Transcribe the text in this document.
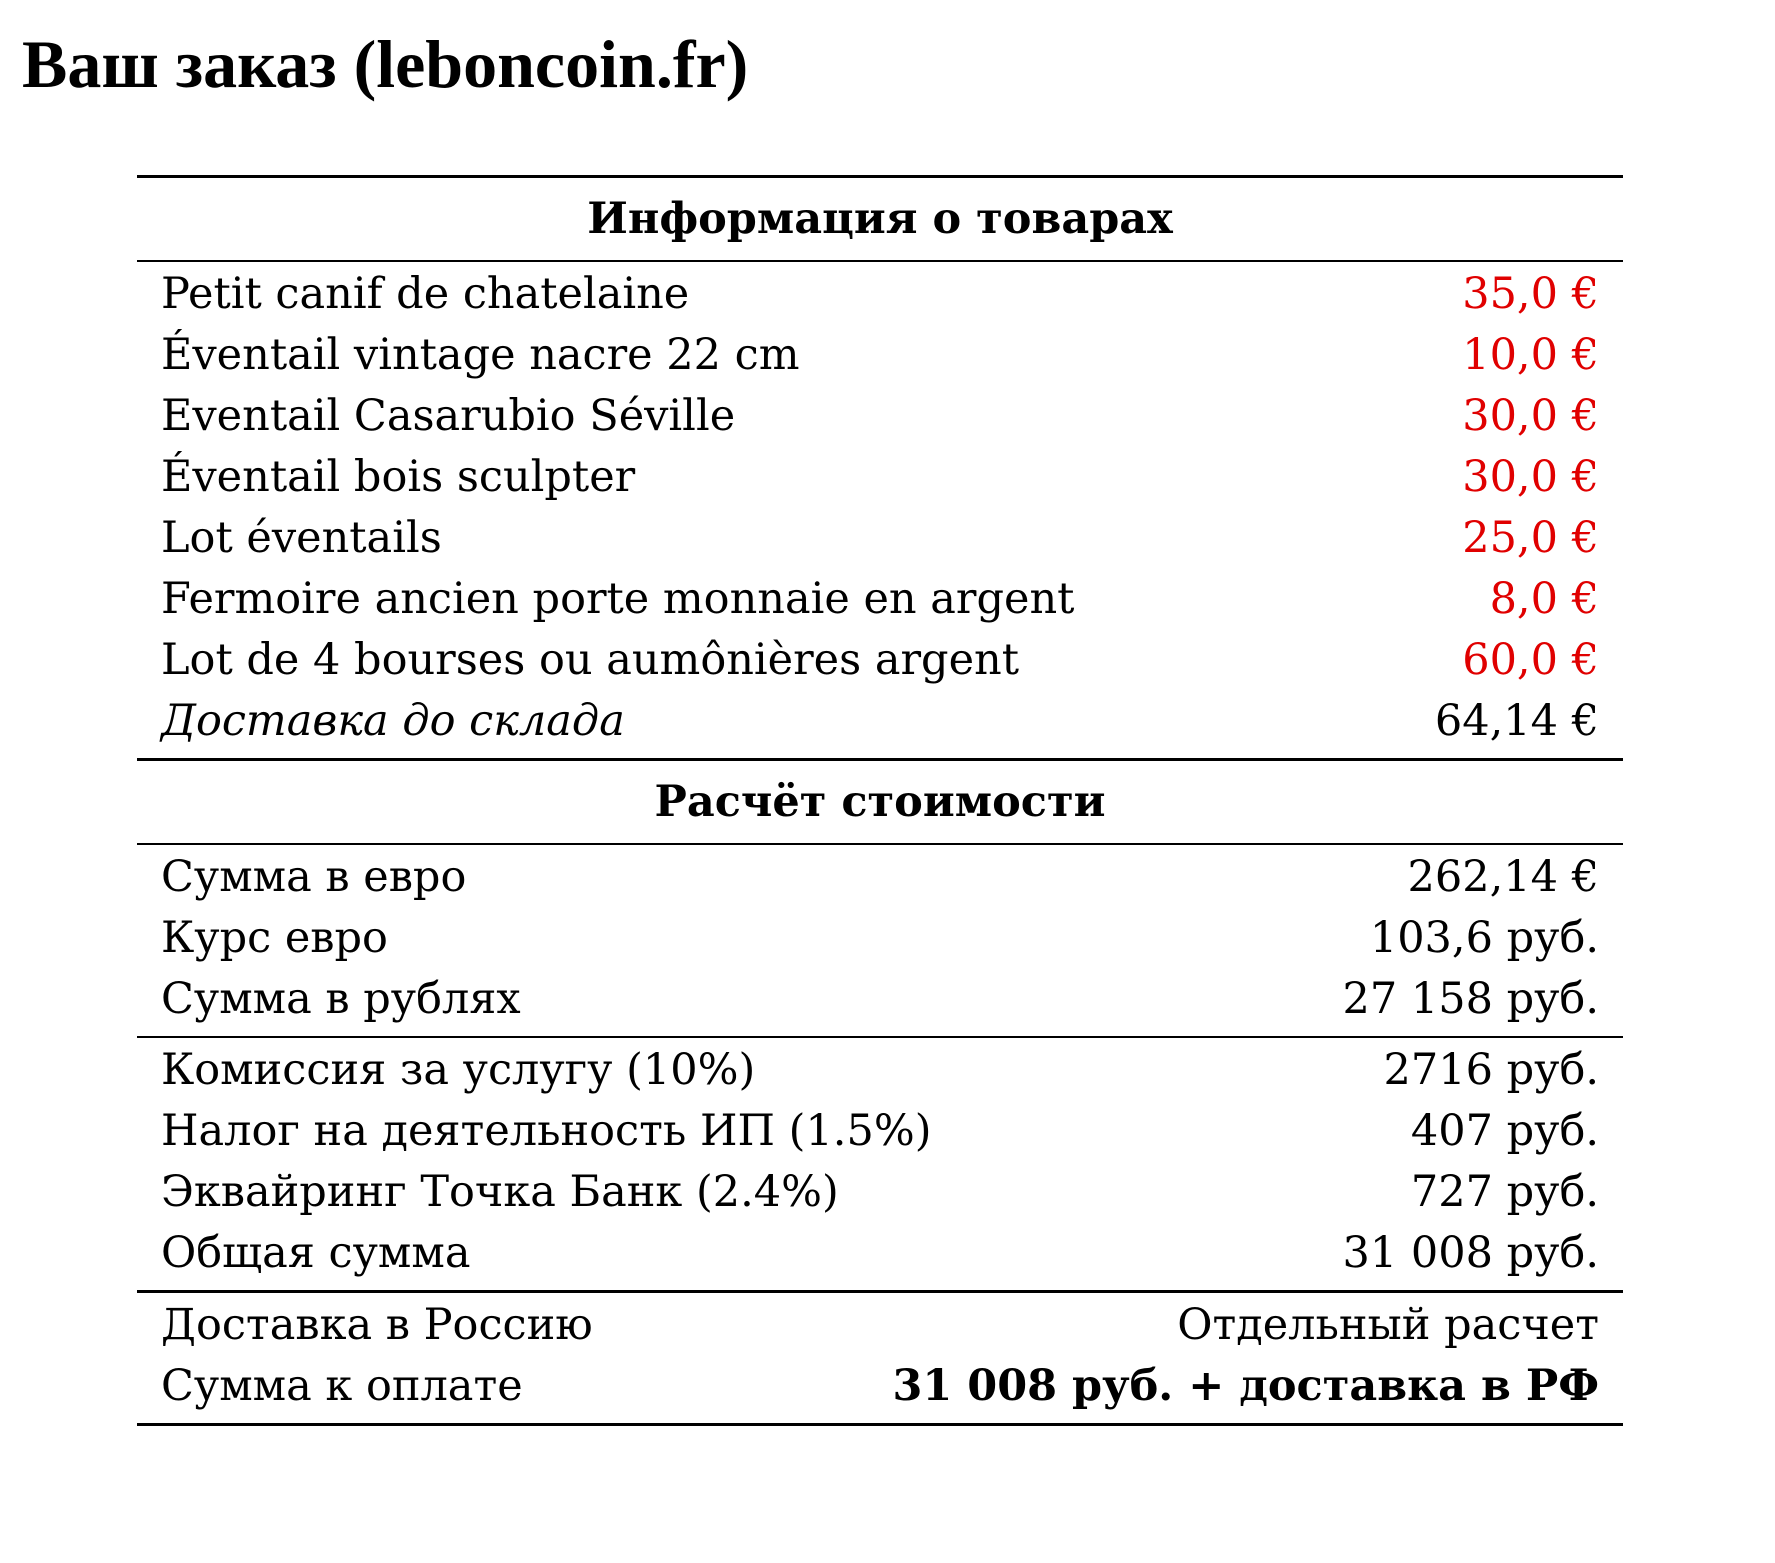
Ваш заказ (leboncoin.fr)
Информация о товарах
Petit canif de chatelaine	35,0 €
Éventail vintage nacre 22 cm	10,0 €
Eventail Casarubio Séville	30,0 €
Éventail bois sculpter	30,0 €
Lot éventails	25,0 €
Fermoire ancien porte monnaie en argent	8,0 €
Lot de 4 bourses ou aumônières argent	60,0 €
Доставка до склада	64,14 €
Расчёт стоимости
Сумма в евро	262,14 €
Курс евро	103,6 руб.
Сумма в рублях	27 158 руб.
Комиссия за услугу (10%)	2716 руб.
Налог на деятельность ИП (1.5%)	407 руб.
Эквайринг Точка Банк (2.4%)	727 руб.
Общая сумма	31 008 руб.
Доставка в Россию	Отдельный расчет
Сумма к оплате	31 008 руб. + доставка в РФ
